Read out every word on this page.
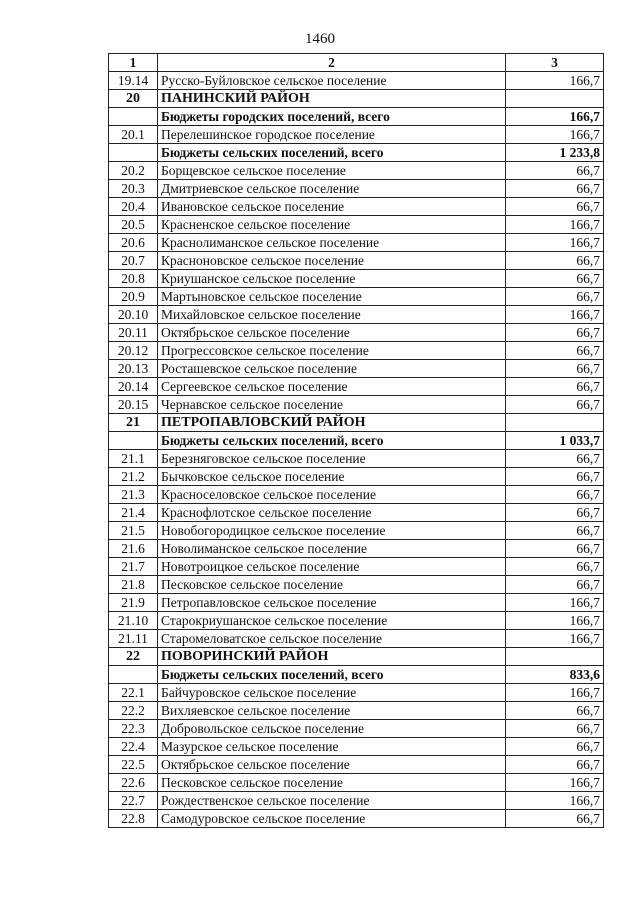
1460
1	2	3
19.14	Русско-Буйловское сельское поселение	166,7
20	ПАНИНСКИЙ РАЙОН	
	Бюджеты городских поселений, всего	166,7
20.1	Перелешинское городское поселение	166,7
	Бюджеты сельских поселений, всего	1 233,8
20.2	Борщевское сельское поселение	66,7
20.3	Дмитриевское сельское поселение	66,7
20.4	Ивановское сельское поселение	66,7
20.5	Красненское сельское поселение	166,7
20.6	Краснолиманское сельское поселение	166,7
20.7	Красноновское сельское поселение	66,7
20.8	Криушанское сельское поселение	66,7
20.9	Мартыновское сельское поселение	66,7
20.10	Михайловское сельское поселение	166,7
20.11	Октябрьское сельское поселение	66,7
20.12	Прогрессовское сельское поселение	66,7
20.13	Росташевское сельское поселение	66,7
20.14	Сергеевское сельское поселение	66,7
20.15	Чернавское сельское поселение	66,7
21	ПЕТРОПАВЛОВСКИЙ РАЙОН	
	Бюджеты сельских поселений, всего	1 033,7
21.1	Березняговское сельское поселение	66,7
21.2	Бычковское сельское поселение	66,7
21.3	Красноселовское сельское поселение	66,7
21.4	Краснофлотское сельское поселение	66,7
21.5	Новобогородицкое сельское поселение	66,7
21.6	Новолиманское сельское поселение	66,7
21.7	Новотроицкое сельское поселение	66,7
21.8	Песковское сельское поселение	66,7
21.9	Петропавловское сельское поселение	166,7
21.10	Старокриушанское сельское поселение	166,7
21.11	Старомеловатское сельское поселение	166,7
22	ПОВОРИНСКИЙ РАЙОН	
	Бюджеты сельских поселений, всего	833,6
22.1	Байчуровское сельское поселение	166,7
22.2	Вихляевское сельское поселение	66,7
22.3	Добровольское сельское поселение	66,7
22.4	Мазурское сельское поселение	66,7
22.5	Октябрьское сельское поселение	66,7
22.6	Песковское сельское поселение	166,7
22.7	Рождественское сельское поселение	166,7
22.8	Самодуровское сельское поселение	66,7
